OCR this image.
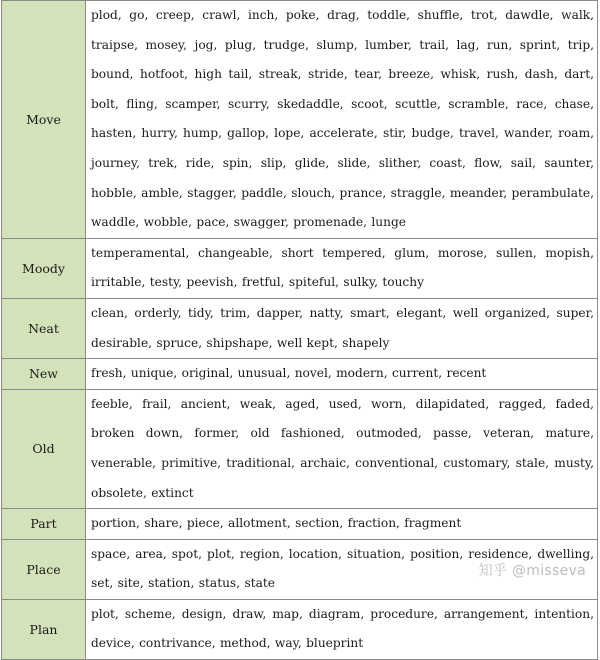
Move	plod, go, creep, crawl, inch, poke, drag, toddle, shuffle, trot, dawdle, walk, traipse, mosey, jog, plug, trudge, slump, lumber, trail, lag, run, sprint, trip, bound, hotfoot, high tail, streak, stride, tear, breeze, whisk, rush, dash, dart, bolt, fling, scamper, scurry, skedaddle, scoot, scuttle, scramble, race, chase, hasten, hurry, hump, gallop, lope, accelerate, stir, budge, travel, wander, roam, journey, trek, ride, spin, slip, glide, slide, slither, coast, flow, sail, saunter, hobble, amble, stagger, paddle, slouch, prance, straggle, meander, perambulate, waddle, wobble, pace, swagger, promenade, lunge
Moody	temperamental, changeable, short tempered, glum, morose, sullen, mopish, irritable, testy, peevish, fretful, spiteful, sulky, touchy
Neat	clean, orderly, tidy, trim, dapper, natty, smart, elegant, well organized, super, desirable, spruce, shipshape, well kept, shapely
New	fresh, unique, original, unusual, novel, modern, current, recent
Old	feeble, frail, ancient, weak, aged, used, worn, dilapidated, ragged, faded, broken down, former, old fashioned, outmoded, passe, veteran, mature, venerable, primitive, traditional, archaic, conventional, customary, stale, musty, obsolete, extinct
Part	portion, share, piece, allotment, section, fraction, fragment
Place	space, area, spot, plot, region, location, situation, position, residence, dwelling, set, site, station, status, state
Plan	plot, scheme, design, draw, map, diagram, procedure, arrangement, intention, device, contrivance, method, way, blueprint
知乎 @misseva
